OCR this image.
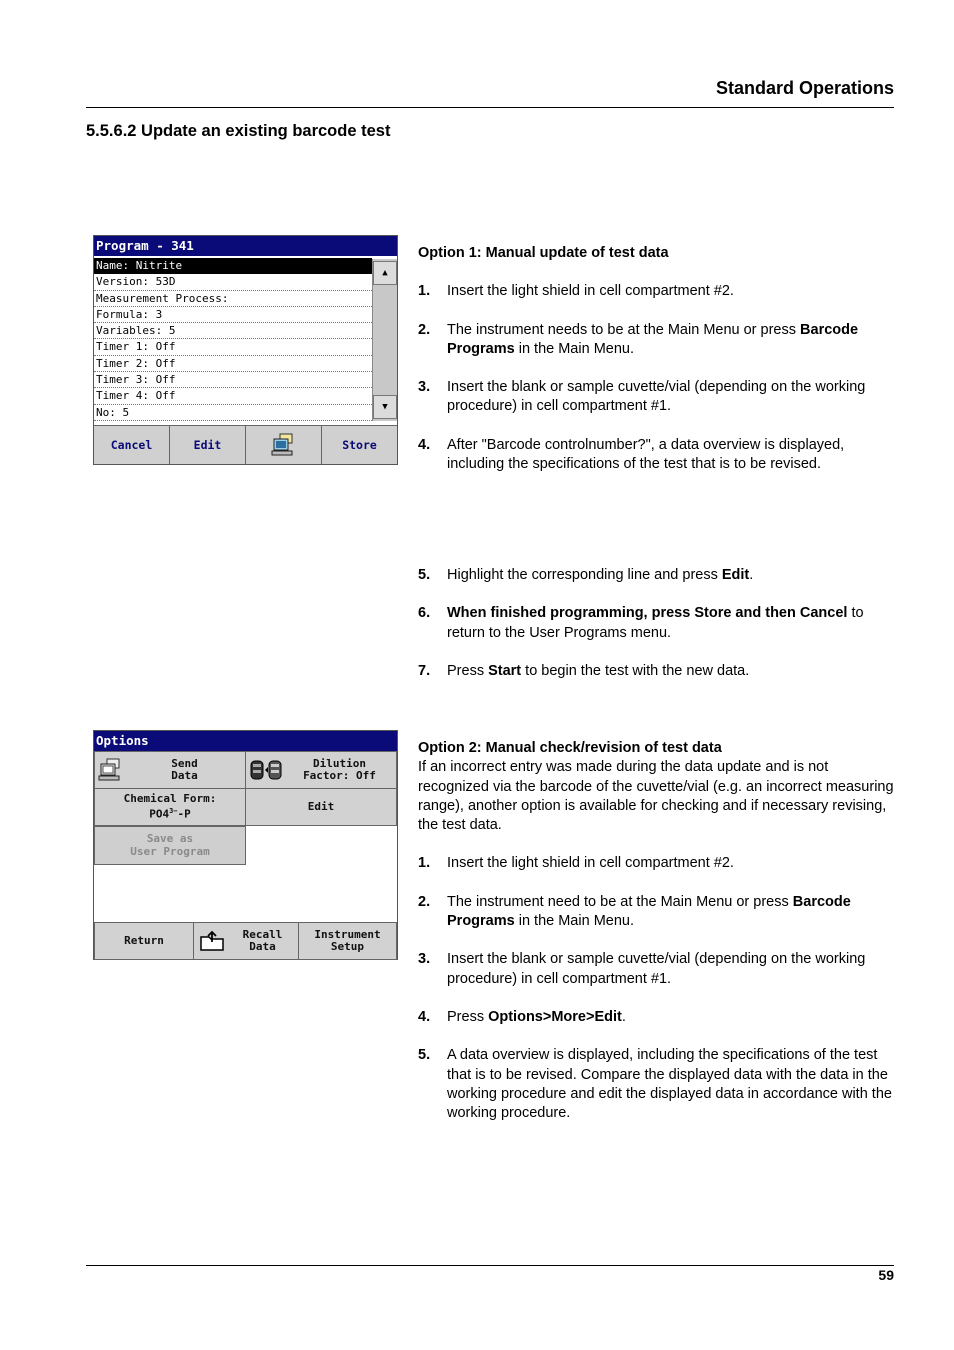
Standard Operations
5.5.6.2 Update an existing barcode test
Program - 341
Name: Nitrite
Version: 53D
Measurement Process:
Formula: 3
Variables: 5
Timer 1: Off
Timer 2: Off
Timer 3: Off
Timer 4: Off
No: 5
▲
▼
Cancel	Edit	Store
Option 1: Manual update of test data
1. Insert the light shield in cell compartment #2.
2. The instrument needs to be at the Main Menu or press Barcode Programs in the Main Menu.
3. Insert the blank or sample cuvette/vial (depending on the working procedure) in cell compartment #1.
4. After "Barcode controlnumber?", a data overview is displayed, including the specifications of the test that is to be revised.
5. Highlight the corresponding line and press Edit.
6. When finished programming, press Store and then Cancel to return to the User Programs menu.
7. Press Start to begin the test with the new data.
Options
Send
Data
Dilution
Factor: Off
Chemical Form:
$PO4^{3-}-P$
Edit
Save as
User Program
Return	Recall
Data
Instrument
Setup
Option 2: Manual check/revision of test data
If an incorrect entry was made during the data update and is not recognized via the barcode of the cuvette/vial (e.g. an incorrect measuring range), another option is available for checking and if necessary revising, the test data.
1. Insert the light shield in cell compartment #2.
2. The instrument need to be at the Main Menu or press Barcode Programs in the Main Menu.
3. Insert the blank or sample cuvette/vial (depending on the working procedure) in cell compartment #1.
4. Press Options>More>Edit.
5. A data overview is displayed, including the specifications of the test that is to be revised. Compare the displayed data with the data in the working procedure and edit the displayed data in accordance with the working procedure.
59
